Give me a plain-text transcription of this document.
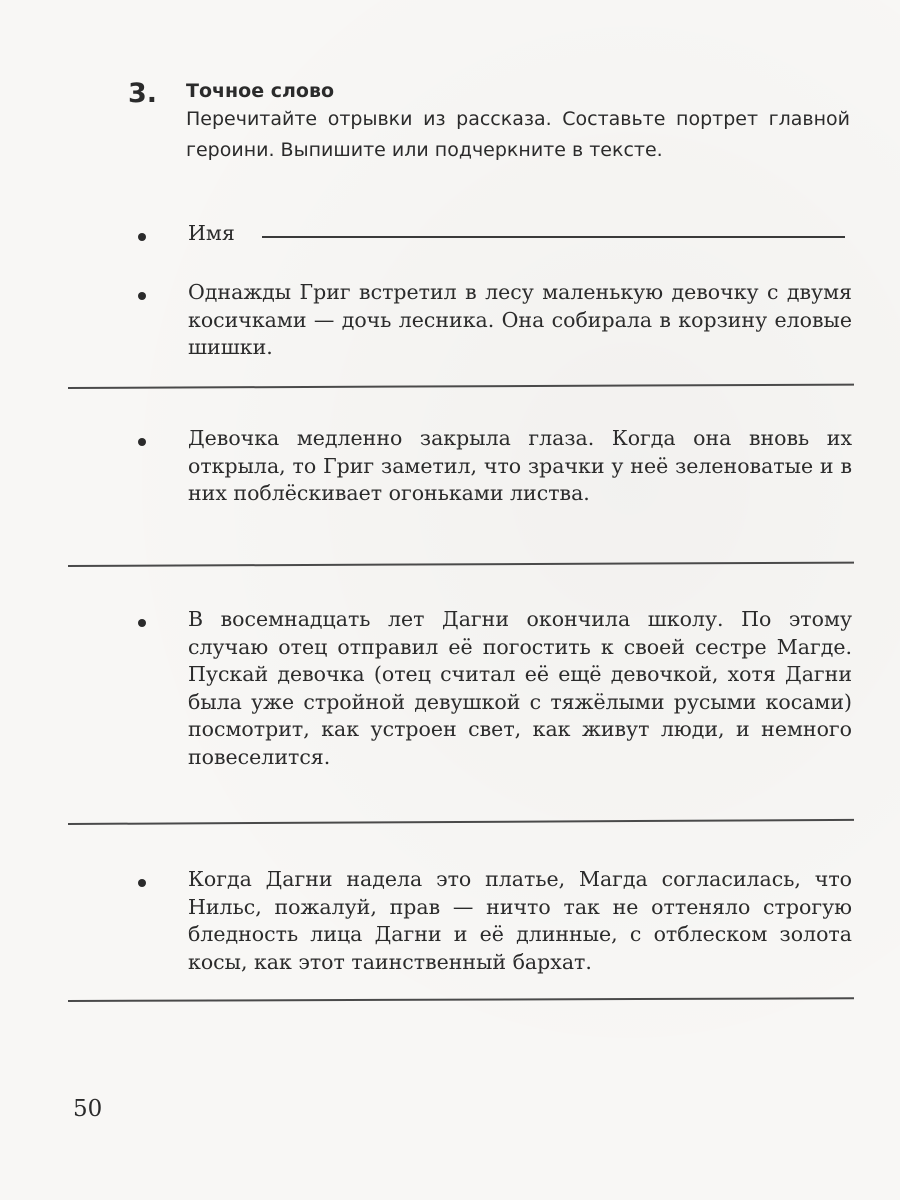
3. Точное слово
Перечитайте отрывки из рассказа. Составьте портрет главной героини. Выпишите или подчеркните в тексте.
Имя
Однажды Григ встретил в лесу маленькую девочку с двумя косичками — дочь лесника. Она собирала в корзину еловые шишки.
Девочка медленно закрыла глаза. Когда она вновь их открыла, то Григ заметил, что зрачки у неё зеленоватые и в них поблёскивает огоньками листва.
В восемнадцать лет Дагни окончила школу. По этому случаю отец отправил её погостить к своей сестре Магде. Пускай девочка (отец считал её ещё девочкой, хотя Дагни была уже стройной девушкой с тяжёлыми русыми косами) посмотрит, как устроен свет, как живут люди, и немного повеселится.
Когда Дагни надела это платье, Магда согласилась, что Нильс, пожалуй, прав — ничто так не оттеняло строгую бледность лица Дагни и её длинные, с отблеском золота косы, как этот таинственный бархат.
50
